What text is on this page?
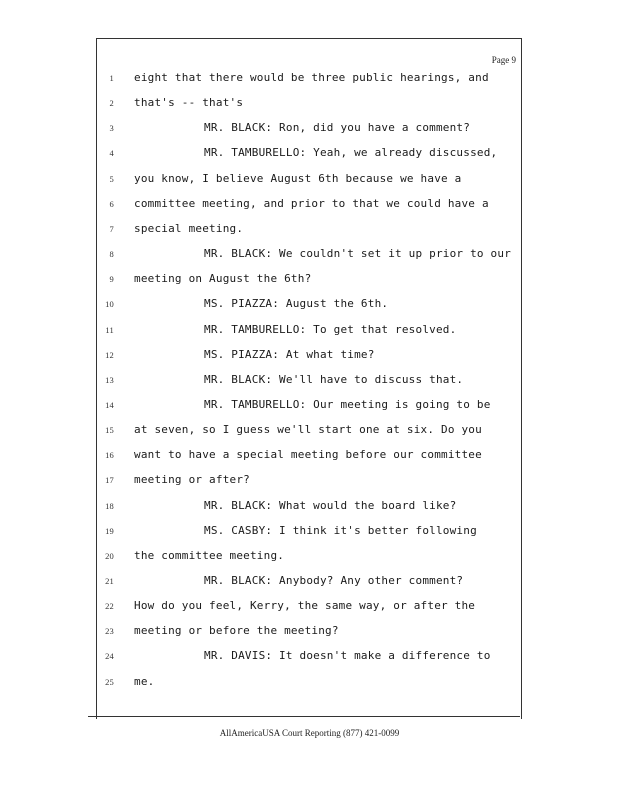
Page 9
1 eight that there would be three public hearings, and
2 that's -- that's
3	MR. BLACK: Ron, did you have a comment?
4	MR. TAMBURELLO: Yeah, we already discussed,
5 you know, I believe August 6th because we have a
6 committee meeting, and prior to that we could have a
7 special meeting.
8	MR. BLACK: We couldn't set it up prior to our
9 meeting on August the 6th?
10	MS. PIAZZA: August the 6th.
11	MR. TAMBURELLO: To get that resolved.
12	MS. PIAZZA: At what time?
13	MR. BLACK: We'll have to discuss that.
14	MR. TAMBURELLO: Our meeting is going to be
15 at seven, so I guess we'll start one at six. Do you
16 want to have a special meeting before our committee
17 meeting or after?
18	MR. BLACK: What would the board like?
19	MS. CASBY: I think it's better following
20 the committee meeting.
21	MR. BLACK: Anybody? Any other comment?
22 How do you feel, Kerry, the same way, or after the
23 meeting or before the meeting?
24	MR. DAVIS: It doesn't make a difference to
25 me.
AllAmericaUSA Court Reporting (877) 421-0099
